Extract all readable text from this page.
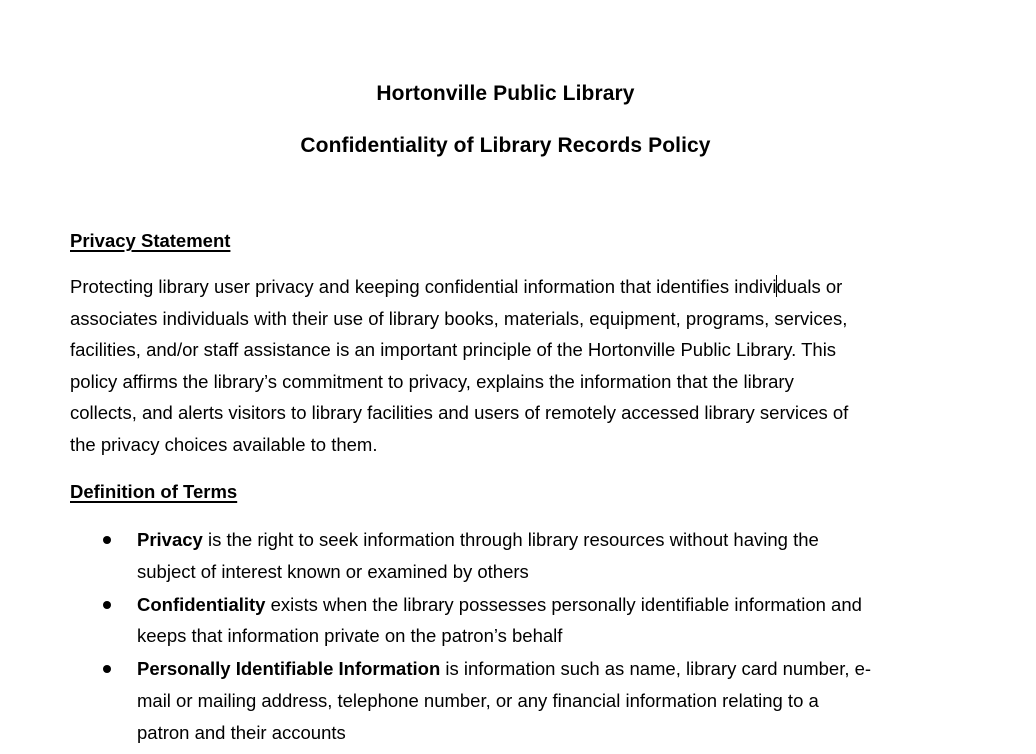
Hortonville Public Library
Confidentiality of Library Records Policy
Privacy Statement
Protecting library user privacy and keeping confidential information that identifies individuals or
associates individuals with their use of library books, materials, equipment, programs, services,
facilities, and/or staff assistance is an important principle of the Hortonville Public Library. This
policy affirms the library’s commitment to privacy, explains the information that the library
collects, and alerts visitors to library facilities and users of remotely accessed library services of
the privacy choices available to them.
Definition of Terms
Privacy is the right to seek information through library resources without having the
subject of interest known or examined by others
Confidentiality exists when the library possesses personally identifiable information and
keeps that information private on the patron’s behalf
Personally Identifiable Information is information such as name, library card number, e-
mail or mailing address, telephone number, or any financial information relating to a
patron and their accounts
